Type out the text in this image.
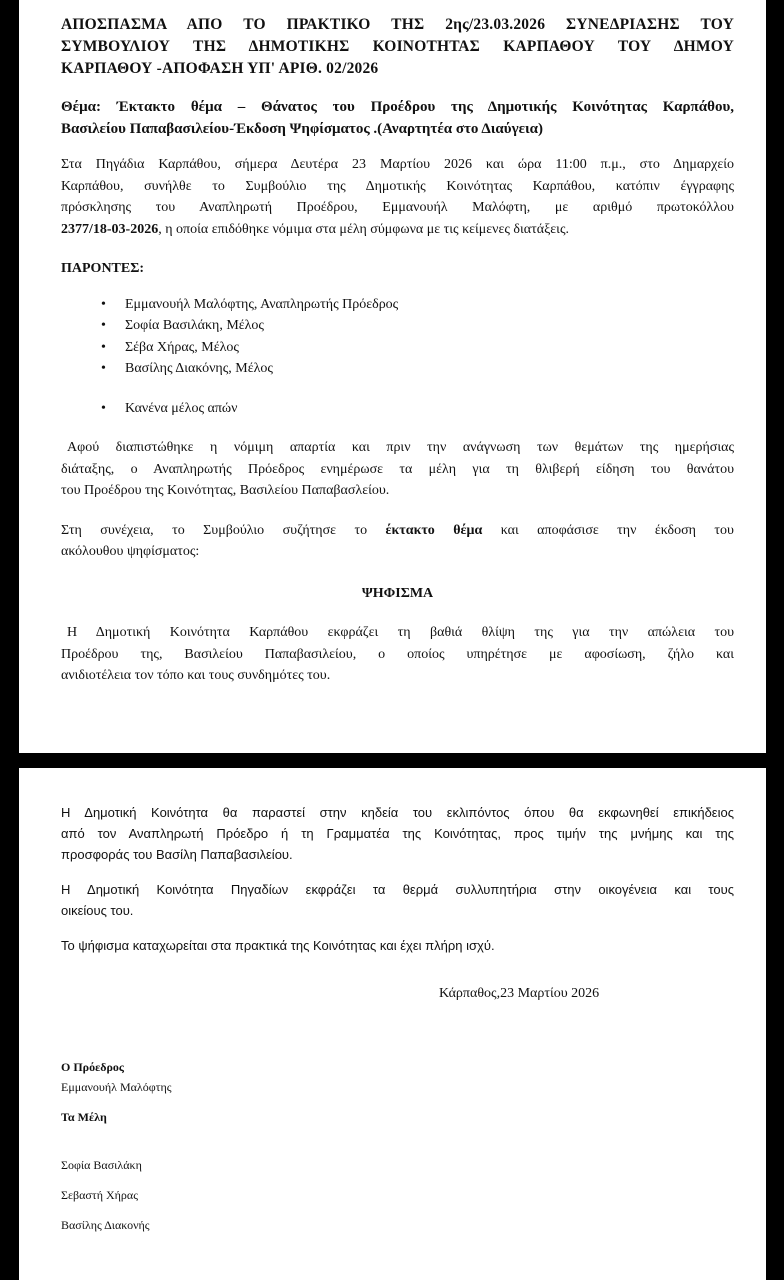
ΑΠΟΣΠΑΣΜΑ ΑΠΟ ΤΟ ΠΡΑΚΤΙΚΟ ΤΗΣ 2ης/23.03.2026 ΣΥΝΕΔΡΙΑΣΗΣ ΤΟΥ

ΣΥΜΒΟΥΛΙΟΥ ΤΗΣ ΔΗΜΟΤΙΚΗΣ ΚΟΙΝΟΤΗΤΑΣ ΚΑΡΠΑΘΟΥ ΤΟΥ ΔΗΜΟΥ

ΚΑΡΠΑΘΟΥ -ΑΠΟΦΑΣΗ ΥΠ' ΑΡΙΘ. 02/2026

Θέμα: Έκτακτο θέμα – Θάνατος του Προέδρου της Δημοτικής Κοινότητας Καρπάθου,

Βασιλείου Παπαβασιλείου-Έκδοση Ψηφίσματος .(Αναρτητέα στο Διαύγεια)

Στα Πηγάδια Καρπάθου, σήμερα Δευτέρα 23 Μαρτίου 2026 και ώρα 11:00 π.μ., στο Δημαρχείο

Καρπάθου, συνήλθε το Συμβούλιο της Δημοτικής Κοινότητας Καρπάθου, κατόπιν έγγραφης

πρόσκλησης του Αναπληρωτή Προέδρου, Εμμανουήλ Μαλόφτη, με αριθμό πρωτοκόλλου

2377/18-03-2026, η οποία επιδόθηκε νόμιμα στα μέλη σύμφωνα με τις κείμενες διατάξεις.

ΠΑΡΟΝΤΕΣ:

• Εμμανουήλ Μαλόφτης, Αναπληρωτής Πρόεδρος
• Σοφία Βασιλάκη, Μέλος
• Σέβα Χήρας, Μέλος
• Βασίλης Διακόνης, Μέλος
• Κανένα μέλος απών

Αφού διαπιστώθηκε η νόμιμη απαρτία και πριν την ανάγνωση των θεμάτων της ημερήσιας

διάταξης, ο Αναπληρωτής Πρόεδρος ενημέρωσε τα μέλη για τη θλιβερή είδηση του θανάτου

του Προέδρου της Κοινότητας, Βασιλείου Παπαβασλείου.

Στη συνέχεια, το Συμβούλιο συζήτησε το έκτακτο θέμα και αποφάσισε την έκδοση του

ακόλουθου ψηφίσματος:

ΨΗΦΙΣΜΑ

Η Δημοτική Κοινότητα Καρπάθου εκφράζει τη βαθιά θλίψη της για την απώλεια του

Προέδρου της, Βασιλείου Παπαβασιλείου, ο οποίος υπηρέτησε με αφοσίωση, ζήλο και

ανιδιοτέλεια τον τόπο και τους συνδημότες του.

Η Δημοτική Κοινότητα θα παραστεί στην κηδεία του εκλιπόντος όπου θα εκφωνηθεί επικήδειος

από τον Αναπληρωτή Πρόεδρο ή τη Γραμματέα της Κοινότητας, προς τιμήν της μνήμης και της

προσφοράς του Βασίλη Παπαβασιλείου.

Η Δημοτική Κοινότητα Πηγαδίων εκφράζει τα θερμά συλλυπητήρια στην οικογένεια και τους

οικείους του.

Το ψήφισμα καταχωρείται στα πρακτικά της Κοινότητας και έχει πλήρη ισχύ.

Κάρπαθος,23 Μαρτίου 2026
Ο Πρόεδρος
Εμμανουήλ Μαλόφτης
Τα Μέλη
Σοφία Βασιλάκη
Σεβαστή Χήρας
Βασίλης Διακονής
